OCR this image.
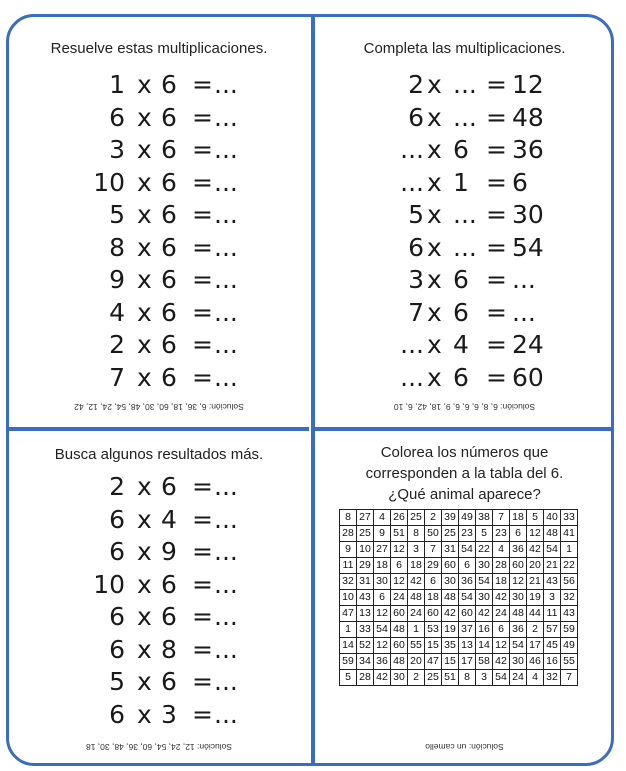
Resuelve estas multiplicaciones.
1 x 6 = ...
6 x 6 = ...
3 x 6 = ...
10 x 6 = ...
5 x 6 = ...
8 x 6 = ...
9 x 6 = ...
4 x 6 = ...
2 x 6 = ...
7 x 6 = ...
Solución: 6, 36, 18, 60, 30, 48, 54, 24, 12, 42
Completa las multiplicaciones.
2 x ... = 12
6 x ... = 48
... x 6 = 36
... x 1 = 6
5 x ... = 30
6 x ... = 54
3 x 6 = ...
7 x 6 = ...
... x 4 = 24
... x 6 = 60
Solución: 6, 8, 6, 6, 6, 9, 18, 42, 6, 10
Busca algunos resultados más.
2 x 6 = ...
6 x 4 = ...
6 x 9 = ...
10 x 6 = ...
6 x 6 = ...
6 x 8 = ...
5 x 6 = ...
6 x 3 = ...
Solución: 12, 24, 54, 60, 36, 48, 30, 18
Colorea los números que
corresponden a la tabla del 6.
¿Qué animal aparece?
8	27	4	26	25	2	39	49	38	7	18	5	40	33
28	25	9	51	8	50	25	23	5	23	6	12	48	41
9	10	27	12	3	7	31	54	22	4	36	42	54	1
11	29	18	6	18	29	60	6	30	28	60	20	21	22
32	31	30	12	42	6	30	36	54	18	12	21	43	56
10	43	6	24	48	18	48	54	30	42	30	19	3	32
47	13	12	60	24	60	42	60	42	24	48	44	11	43
1	33	54	48	1	53	19	37	16	6	36	2	57	59
14	52	12	60	55	15	35	13	14	12	54	17	45	49
59	34	36	48	20	47	15	17	58	42	30	46	16	55
5	28	42	30	2	25	51	8	3	54	24	4	32	7
Solución: un camello
